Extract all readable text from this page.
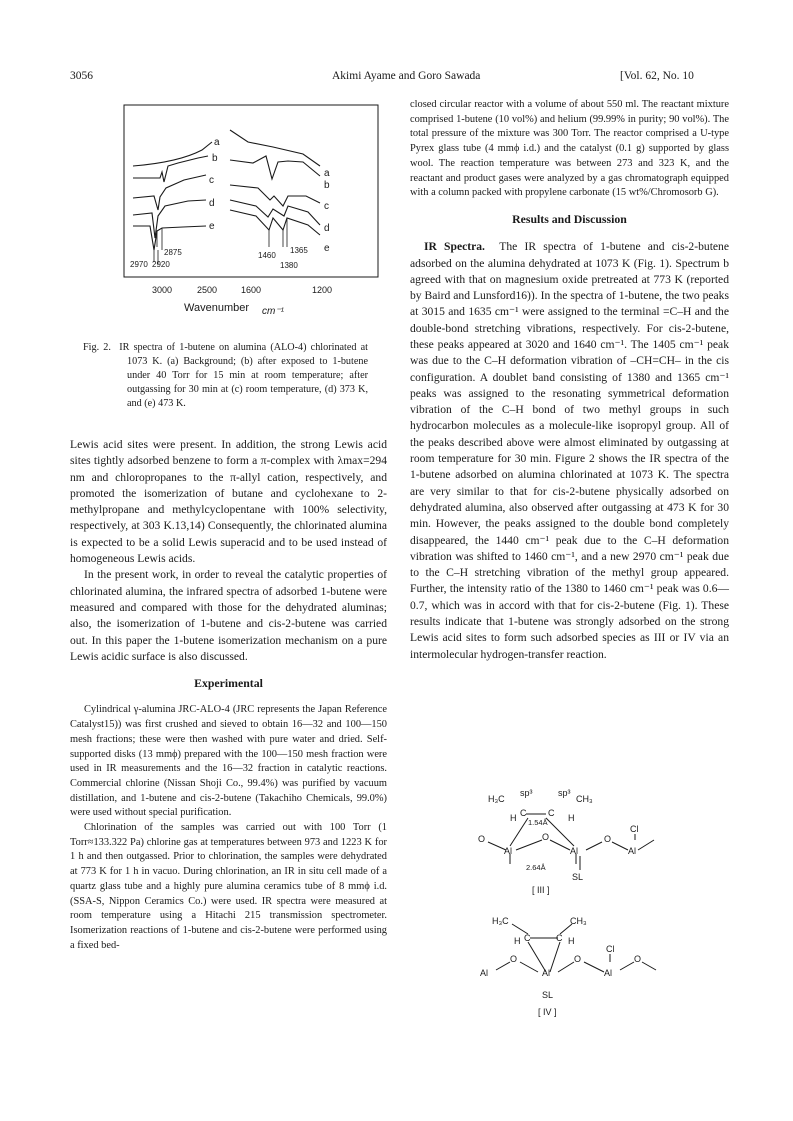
3056	Akimi Ayame and Goro Sawada	[Vol. 62, No. 10
a
b
c
d
e
a
b
c
d
e
2875
2970 2920
1460
1365
1380
3000	2500	1600	1200
Wavenumber cm⁻¹

Fig. 2. IR spectra of 1-butene on alumina (ALO-4) chlorinated at 1073 K. (a) Background; (b) after exposed to 1-butene under 40 Torr for 15 min at room temperature; after outgassing for 30 min at (c) room temperature, (d) 373 K, and (e) 473 K.

Lewis acid sites were present. In addition, the strong Lewis acid sites tightly adsorbed benzene to form a π-complex with λmax=294 nm and chloropropanes to the π-allyl cation, respectively, and promoted the isomerization of butane and cyclohexane to 2-methylpropane and methylcyclopentane with 100% selectivity, respectively, at 303 K.13,14) Consequently, the chlorinated alumina is expected to be a solid Lewis superacid and to be used instead of homogeneous Lewis acids.

In the present work, in order to reveal the catalytic properties of chlorinated alumina, the infrared spectra of adsorbed 1-butene were measured and compared with those for the dehydrated aluminas; also, the isomerization of 1-butene and cis-2-butene was carried out. In this paper the 1-butene isomerization mechanism on a pure Lewis acidic surface is also discussed.

Experimental

Cylindrical γ-alumina JRC-ALO-4 (JRC represents the Japan Reference Catalyst15)) was first crushed and sieved to obtain 16—32 and 100—150 mesh fractions; these were then washed with pure water and dried. Self-supported disks (13 mmϕ) prepared with the 100—150 mesh fraction were used in IR measurements and the 16—32 fraction in catalytic reactions. Commercial chlorine (Nissan Shoji Co., 99.4%) was purified by vacuum distillation, and 1-butene and cis-2-butene (Takachiho Chemicals, 99.0%) were used without special purification.

Chlorination of the samples was carried out with 100 Torr (1 Torr≈133.322 Pa) chlorine gas at temperatures between 973 and 1223 K for 1 h and then outgassed. Prior to chlorination, the samples were dehydrated at 773 K for 1 h in vacuo. During chlorination, an IR in situ cell made of a quartz glass tube and a highly pure alumina ceramics tube of 8 mmϕ i.d. (SSA-S, Nippon Ceramics Co.) were used. IR spectra were measured at room temperature using a Hitachi 215 transmission spectrometer. Isomerization reactions of 1-butene and cis-2-butene were performed using a fixed bed-

closed circular reactor with a volume of about 550 ml. The reactant mixture comprised 1-butene (10 vol%) and helium (99.99% in purity; 90 vol%). The total pressure of the mixture was 300 Torr. The reactor comprised a U-type Pyrex glass tube (4 mmϕ i.d.) and the catalyst (0.1 g) supported by glass wool. The reaction temperature was between 273 and 323 K, and the reactant and product gases were analyzed by a gas chromatograph equipped with a column packed with propylene carbonate (15 wt%/Chromosorb G).

Results and Discussion

IR Spectra. The IR spectra of 1-butene and cis-2-butene adsorbed on the alumina dehydrated at 1073 K (Fig. 1). Spectrum b agreed with that on magnesium oxide pretreated at 773 K (reported by Baird and Lunsford16)). In the spectra of 1-butene, the two peaks at 3015 and 1635 cm⁻¹ were assigned to the terminal =C–H and the double-bond stretching vibrations, respectively. For cis-2-butene, these peaks appeared at 3020 and 1640 cm⁻¹. The 1405 cm⁻¹ peak was due to the C–H deformation vibration of –CH=CH– in the cis configuration. A doublet band consisting of 1380 and 1365 cm⁻¹ peaks was assigned to the resonating symmetrical deformation vibration of the C–H bond of two methyl groups in such hydrocarbon molecules as a molecule-like isopropyl group. All of the peaks described above were almost eliminated by outgassing at room temperature for 30 min. Figure 2 shows the IR spectra of the 1-butene adsorbed on alumina chlorinated at 1073 K. The spectra are very similar to that for cis-2-butene physically adsorbed on dehydrated alumina, also observed after outgassing at 473 K for 30 min. However, the peaks assigned to the double bond completely disappeared, the 1440 cm⁻¹ peak due to the C–H deformation vibration was shifted to 1460 cm⁻¹, and a new 2970 cm⁻¹ peak due to the C–H stretching vibration of the methyl group appeared. Further, the intensity ratio of the 1380 to 1460 cm⁻¹ peak was 0.6—0.7, which was in accord with that for cis-2-butene (Fig. 1). These results indicate that 1-butene was strongly adsorbed on the strong Lewis acid sites to form such adsorbed species as III or IV via an intermolecular hydrogen-transfer reaction.

H₃C
sp³	sp³
CH₃
H C
1.54Å
C H
O
Al
O
Al
O
Al
Cl
2.64Å
SL
[ III ]
H₃C	CH₃
H C	C H
Al
O
Al
O
Al
O
Cl
SL
[ IV ]
